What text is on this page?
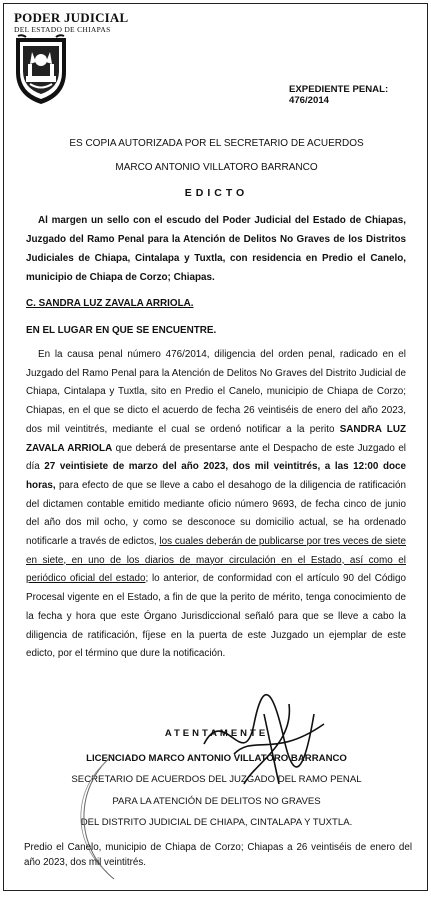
PODER JUDICIAL
DEL ESTADO DE CHIAPAS
EXPEDIENTE PENAL: 476/2014
ES COPIA AUTORIZADA POR EL SECRETARIO DE ACUERDOS
MARCO ANTONIO VILLATORO BARRANCO
EDICTO
Al margen un sello con el escudo del Poder Judicial del Estado de Chiapas, Juzgado del Ramo Penal para la Atención de Delitos No Graves de los Distritos Judiciales de Chiapa, Cintalapa y Tuxtla, con residencia en Predio el Canelo, municipio de Chiapa de Corzo; Chiapas.
C. SANDRA LUZ ZAVALA ARRIOLA.
EN EL LUGAR EN QUE SE ENCUENTRE.
En la causa penal número 476/2014, diligencia del orden penal, radicado en el Juzgado del Ramo Penal para la Atención de Delitos No Graves del Distrito Judicial de Chiapa, Cintalapa y Tuxtla, sito en Predio el Canelo, municipio de Chiapa de Corzo; Chiapas, en el que se dicto el acuerdo de fecha 26 veintiséis de enero del año 2023, dos mil veintitrés, mediante el cual se ordenó notificar a la perito SANDRA LUZ ZAVALA ARRIOLA que deberá de presentarse ante el Despacho de este Juzgado el día 27 veintisiete de marzo del año 2023, dos mil veintitrés, a las 12:00 doce horas, para efecto de que se lleve a cabo el desahogo de la diligencia de ratificación del dictamen contable emitido mediante oficio número 9693, de fecha cinco de junio del año dos mil ocho, y como se desconoce su domicilio actual, se ha ordenado notificarle a través de edictos, los cuales deberán de publicarse por tres veces de siete en siete, en uno de los diarios de mayor circulación en el Estado, así como el periódico oficial del estado; lo anterior, de conformidad con el artículo 90 del Código Procesal vigente en el Estado, a fin de que la perito de mérito, tenga conocimiento de la fecha y hora que este Órgano Jurisdiccional señaló para que se lleve a cabo la diligencia de ratificación, fíjese en la puerta de este Juzgado un ejemplar de este edicto, por el término que dure la notificación.
ATENTAMENTE
LICENCIADO MARCO ANTONIO VILLATORO BARRANCO
SECRETARIO DE ACUERDOS DEL JUZGADO DEL RAMO PENAL
PARA LA ATENCIÓN DE DELITOS NO GRAVES
DEL DISTRITO JUDICIAL DE CHIAPA, CINTALAPA Y TUXTLA.
Predio el Canelo, municipio de Chiapa de Corzo; Chiapas a 26 veintiséis de enero del año 2023, dos mil veintitrés.
